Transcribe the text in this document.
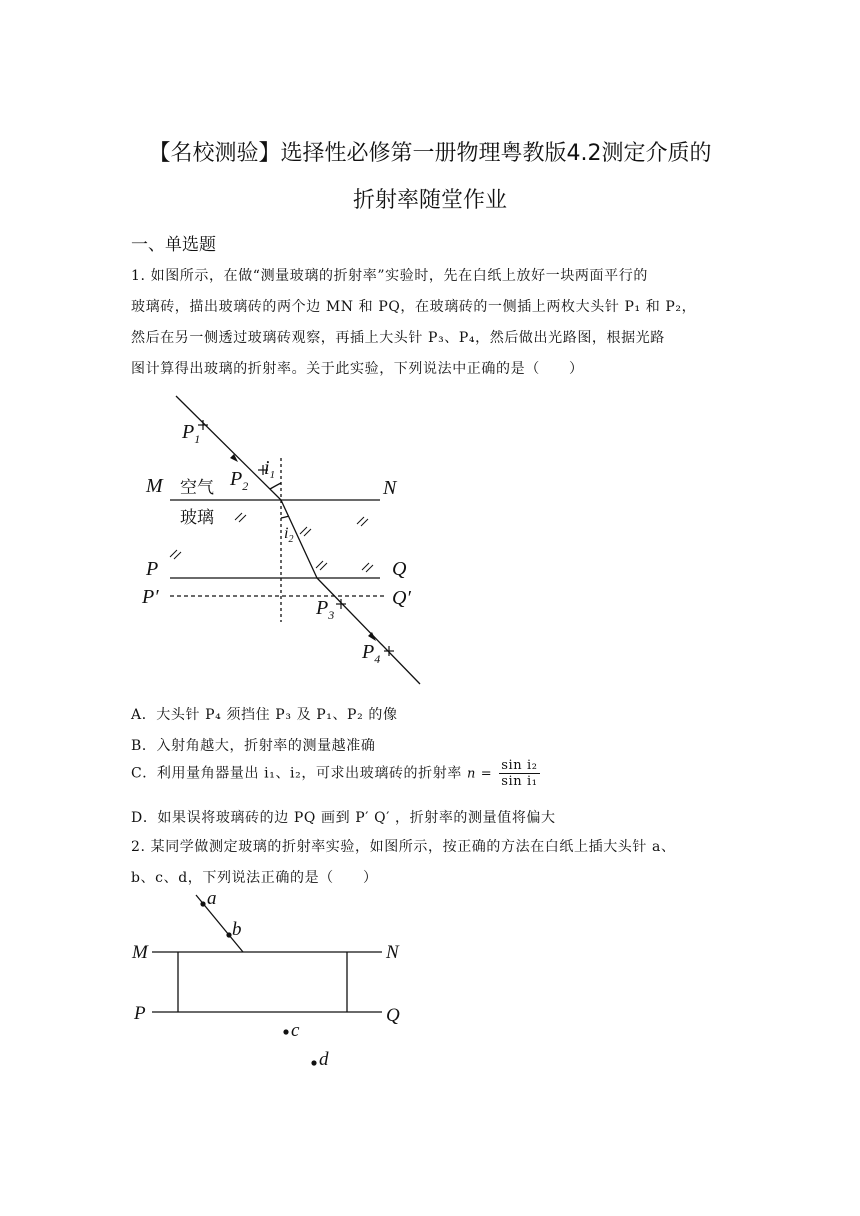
【名校测验】选择性必修第一册物理粤教版4.2测定介质的
折射率随堂作业
一、单选题
1. 如图所示，在做“测量玻璃的折射率”实验时，先在白纸上放好一块两面平行的
玻璃砖，描出玻璃砖的两个边 MN 和 PQ，在玻璃砖的一侧插上两枚大头针 P₁ 和 P₂，
然后在另一侧透过玻璃砖观察，再插上大头针 P₃、P₄，然后做出光路图，根据光路
图计算得出玻璃的折射率。关于此实验，下列说法中正确的是（　　）
M	N
P	Q
P′	Q′
$P_1$
$P_2$
$P_3$
$P_4$
$i_1$
$i_2$
空气
玻璃
A．大头针 P₄ 须挡住 P₃ 及 P₁、P₂ 的像
B．入射角越大，折射率的测量越准确
C．利用量角器量出 i₁、i₂，可求出玻璃砖的折射率 $n = \frac{\text{sin i₂}}{\text{sin i₁}}$
D．如果误将玻璃砖的边 PQ 画到 P′ Q′ ，折射率的测量值将偏大
2. 某同学做测定玻璃的折射率实验，如图所示，按正确的方法在白纸上插大头针 a、
b、c、d，下列说法正确的是（　　）
a
b
c
d
M	N
P	Q
